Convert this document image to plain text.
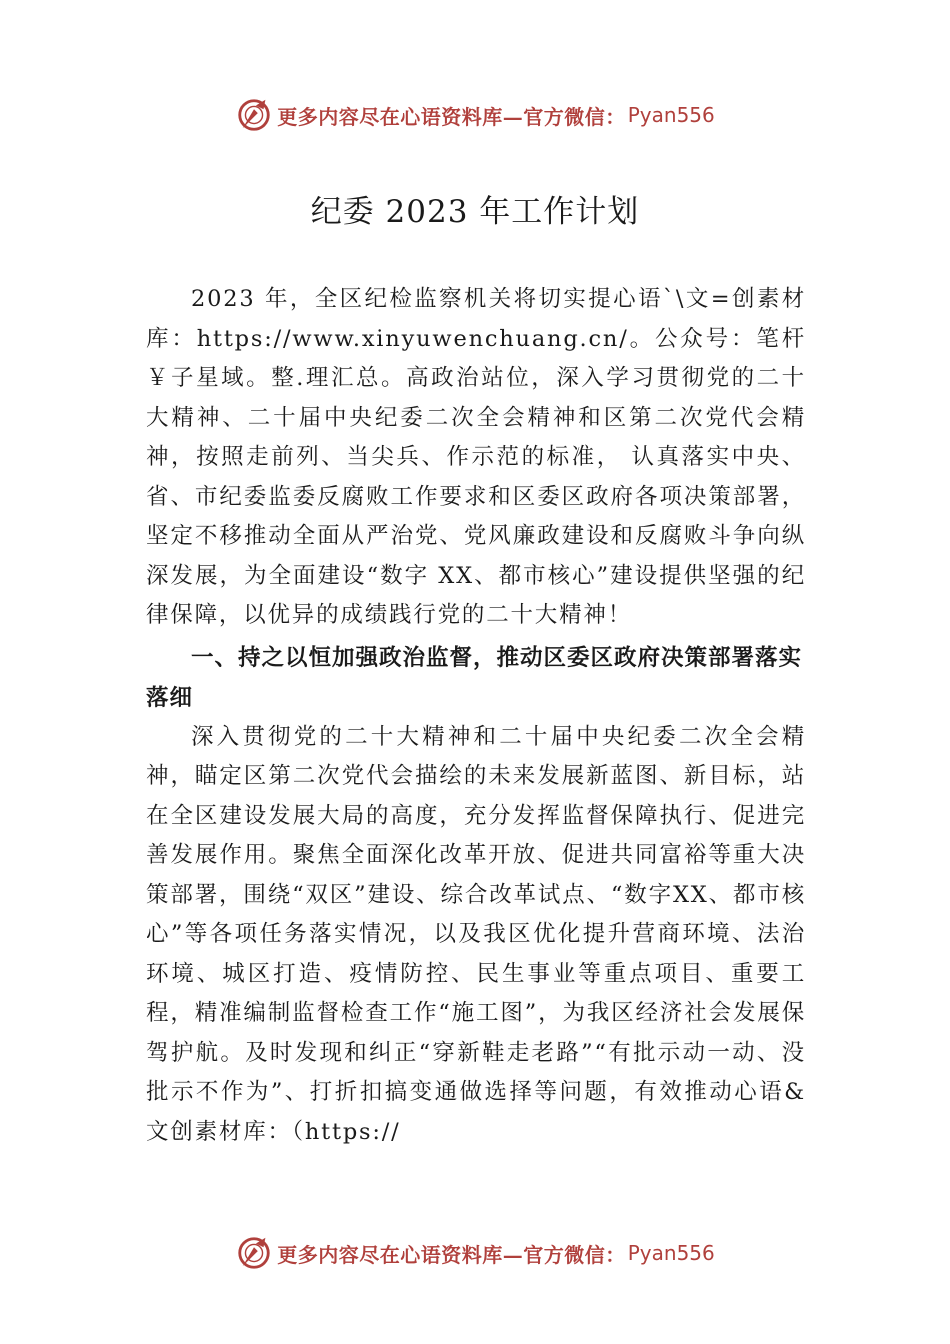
更多内容尽在心语资料库—官方微信： Pyan556
纪委 2023 年工作计划

2023 年，全区纪检监察机关将切实提心语`\文=创素材库：https://www.xinyuwenchuang.cn/。公众号：笔杆￥子星域。整.理汇总。高政治站位，深入学习贯彻党的二十大精神、二十届中央纪委二次全会精神和区第二次党代会精神，按照走前列、当尖兵、作示范的标准， 认真落实中央、省、市纪委监委反腐败工作要求和区委区政府各项决策部署，坚定不移推动全面从严治党、党风廉政建设和反腐败斗争向纵深发展，为全面建设“数字 XX、都市核心”建设提供坚强的纪律保障，以优异的成绩践行党的二十大精神！

一、持之以恒加强政治监督，推动区委区政府决策部署落实落细

深入贯彻党的二十大精神和二十届中央纪委二次全会精神，瞄定区第二次党代会描绘的未来发展新蓝图、新目标，站在全区建设发展大局的高度，充分发挥监督保障执行、促进完善发展作用。聚焦全面深化改革开放、促进共同富裕等重大决策部署，围绕“双区”建设、综合改革试点、“数字XX、都市核心”等各项任务落实情况，以及我区优化提升营商环境、法治环境、城区打造、疫情防控、民生事业等重点项目、重要工程，精准编制监督检查工作“施工图”，为我区经济社会发展保驾护航。及时发现和纠正“穿新鞋走老路”“有批示动一动、没批示不作为”、打折扣搞变通做选择等问题，有效推动心语&文创素材库：（https://

更多内容尽在心语资料库—官方微信： Pyan556
